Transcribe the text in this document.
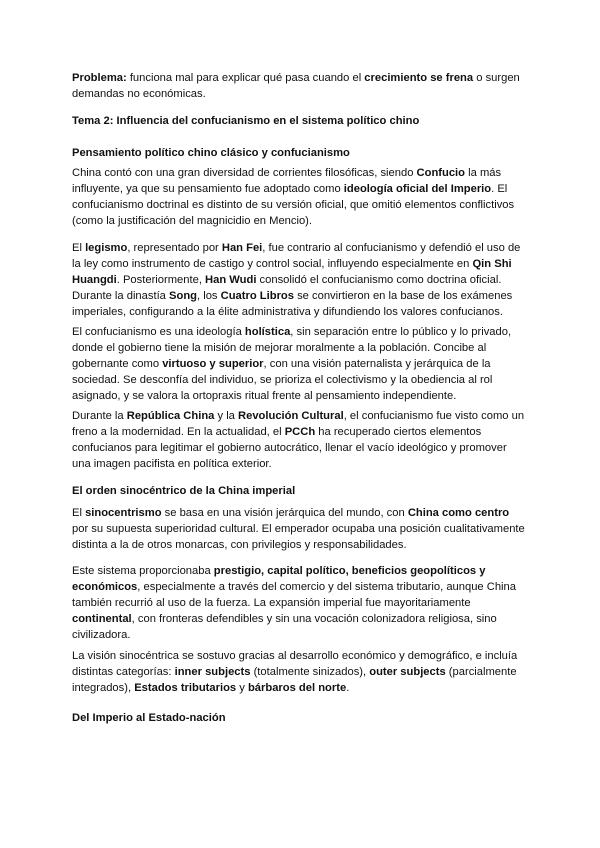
Problema: funciona mal para explicar qué pasa cuando el crecimiento se frena o surgen demandas no económicas.

Tema 2: Influencia del confucianismo en el sistema político chino

Pensamiento político chino clásico y confucianismo

China contó con una gran diversidad de corrientes filosóficas, siendo Confucio la más influyente, ya que su pensamiento fue adoptado como ideología oficial del Imperio. El confucianismo doctrinal es distinto de su versión oficial, que omitió elementos conflictivos (como la justificación del magnicidio en Mencio).

El legismo, representado por Han Fei, fue contrario al confucianismo y defendió el uso de la ley como instrumento de castigo y control social, influyendo especialmente en Qin Shi Huangdi. Posteriormente, Han Wudi consolidó el confucianismo como doctrina oficial. Durante la dinastía Song, los Cuatro Libros se convirtieron en la base de los exámenes imperiales, configurando a la élite administrativa y difundiendo los valores confucianos.

El confucianismo es una ideología holística, sin separación entre lo público y lo privado, donde el gobierno tiene la misión de mejorar moralmente a la población. Concibe al gobernante como virtuoso y superior, con una visión paternalista y jerárquica de la sociedad. Se desconfía del individuo, se prioriza el colectivismo y la obediencia al rol asignado, y se valora la ortopraxis ritual frente al pensamiento independiente.

Durante la República China y la Revolución Cultural, el confucianismo fue visto como un freno a la modernidad. En la actualidad, el PCCh ha recuperado ciertos elementos confucianos para legitimar el gobierno autocrático, llenar el vacío ideológico y promover una imagen pacifista en política exterior.

El orden sinocéntrico de la China imperial

El sinocentrismo se basa en una visión jerárquica del mundo, con China como centro por su supuesta superioridad cultural. El emperador ocupaba una posición cualitativamente distinta a la de otros monarcas, con privilegios y responsabilidades.

Este sistema proporcionaba prestigio, capital político, beneficios geopolíticos y económicos, especialmente a través del comercio y del sistema tributario, aunque China también recurrió al uso de la fuerza. La expansión imperial fue mayoritariamente continental, con fronteras defendibles y sin una vocación colonizadora religiosa, sino civilizadora.

La visión sinocéntrica se sostuvo gracias al desarrollo económico y demográfico, e incluía distintas categorías: inner subjects (totalmente sinizados), outer subjects (parcialmente integrados), Estados tributarios y bárbaros del norte.

Del Imperio al Estado-nación
